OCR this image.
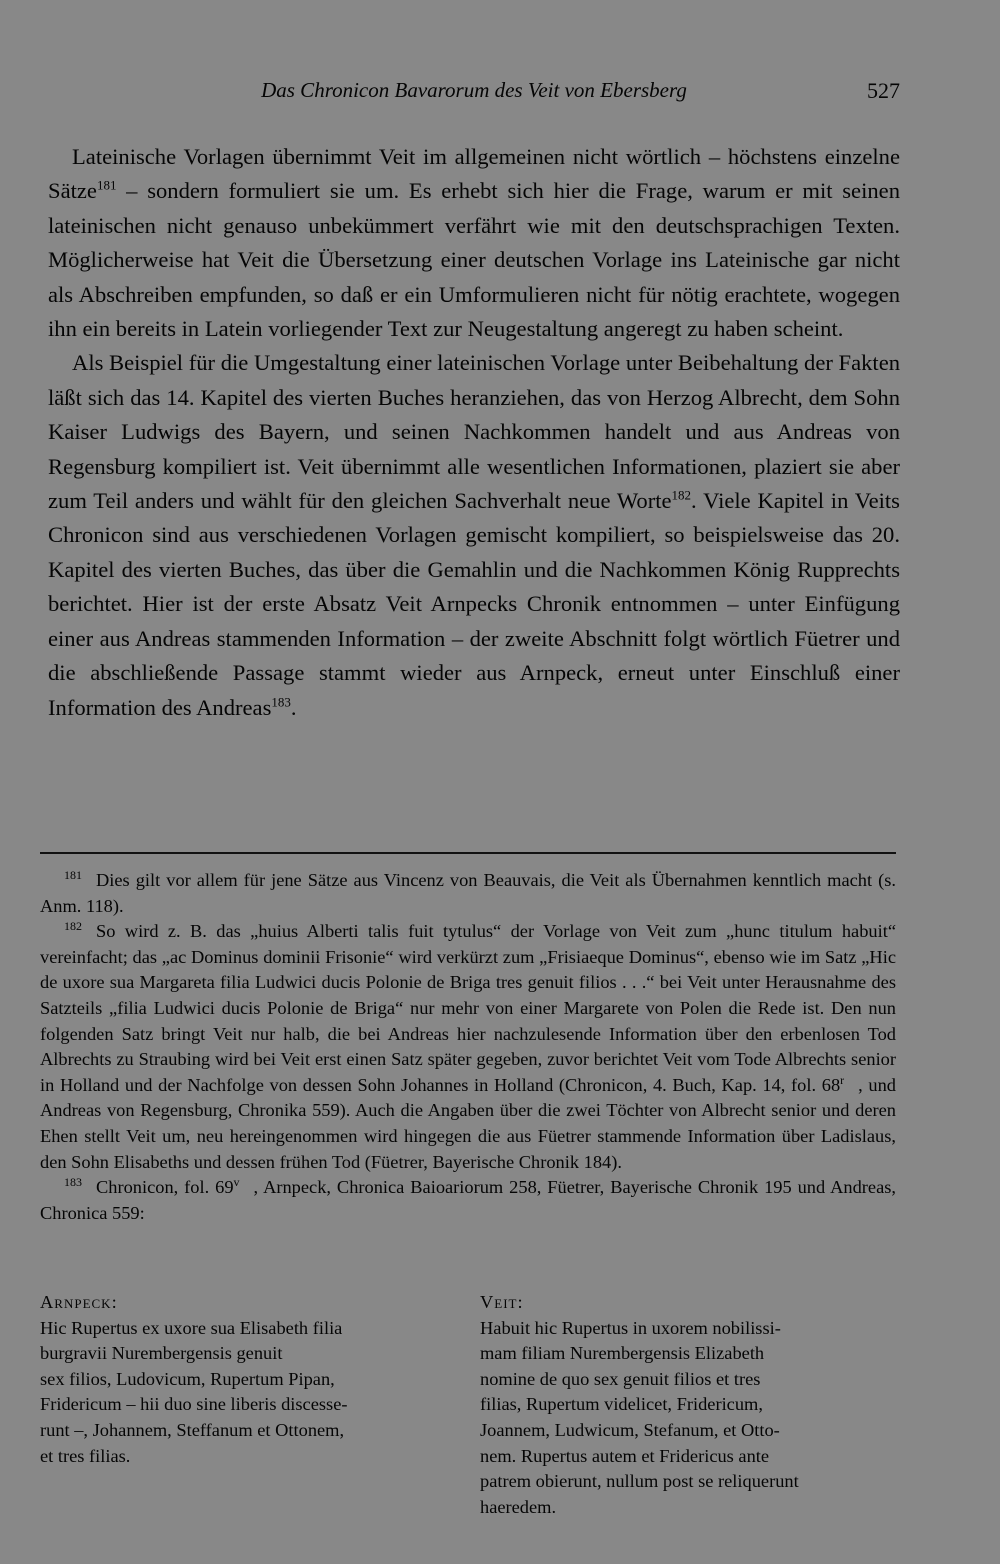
Das Chronicon Bavarorum des Veit von Ebersberg	527

Lateinische Vorlagen übernimmt Veit im allgemeinen nicht wörtlich – höchstens einzelne Sätze$^{181}$ – sondern formuliert sie um. Es erhebt sich hier die Frage, warum er mit seinen lateinischen nicht genauso unbekümmert verfährt wie mit den deutschsprachigen Texten. Möglicherweise hat Veit die Übersetzung einer deutschen Vorlage ins Lateinische gar nicht als Abschreiben empfunden, so daß er ein Umformulieren nicht für nötig erachtete, wogegen ihn ein bereits in Latein vorliegender Text zur Neugestaltung angeregt zu haben scheint.

Als Beispiel für die Umgestaltung einer lateinischen Vorlage unter Beibehaltung der Fakten läßt sich das 14. Kapitel des vierten Buches heranziehen, das von Herzog Albrecht, dem Sohn Kaiser Ludwigs des Bayern, und seinen Nachkommen handelt und aus Andreas von Regensburg kompiliert ist. Veit übernimmt alle wesentlichen Informationen, plaziert sie aber zum Teil anders und wählt für den gleichen Sachverhalt neue Worte$^{182}$. Viele Kapitel in Veits Chronicon sind aus verschiedenen Vorlagen gemischt kompiliert, so beispielsweise das 20. Kapitel des vierten Buches, das über die Gemahlin und die Nachkommen König Rupprechts berichtet. Hier ist der erste Absatz Veit Arnpecks Chronik entnommen – unter Einfügung einer aus Andreas stammenden Information – der zweite Abschnitt folgt wörtlich Füetrer und die abschließende Passage stammt wieder aus Arnpeck, erneut unter Einschluß einer Information des Andreas$^{183}$.

$^{181}$ Dies gilt vor allem für jene Sätze aus Vincenz von Beauvais, die Veit als Übernahmen kenntlich macht (s. Anm. 118).

$^{182}$ So wird z. B. das „huius Alberti talis fuit tytulus“ der Vorlage von Veit zum „hunc titulum habuit“ vereinfacht; das „ac Dominus dominii Frisonie“ wird verkürzt zum „Frisiaeque Dominus“, ebenso wie im Satz „Hic de uxore sua Margareta filia Ludwici ducis Polonie de Briga tres genuit filios . . .“ bei Veit unter Herausnahme des Satzteils „filia Ludwici ducis Polonie de Briga“ nur mehr von einer Margarete von Polen die Rede ist. Den nun folgenden Satz bringt Veit nur halb, die bei Andreas hier nachzulesende Information über den erbenlosen Tod Albrechts zu Straubing wird bei Veit erst einen Satz später gegeben, zuvor berichtet Veit vom Tode Albrechts senior in Holland und der Nachfolge von dessen Sohn Johannes in Holland (Chronicon, 4. Buch, Kap. 14, fol. 68$^r$ , und Andreas von Regensburg, Chronika 559). Auch die Angaben über die zwei Töchter von Albrecht senior und deren Ehen stellt Veit um, neu hereingenommen wird hingegen die aus Füetrer stammende Information über Ladislaus, den Sohn Elisabeths und dessen frühen Tod (Füetrer, Bayerische Chronik 184).

$^{183}$ Chronicon, fol. 69$^v$ , Arnpeck, Chronica Baioariorum 258, Füetrer, Bayerische Chronik 195 und Andreas, Chronica 559:

Arnpeck:
Hic Rupertus ex uxore sua Elisabeth filia
burgravii Nurembergensis genuit
sex filios, Ludovicum, Rupertum Pipan,
Fridericum – hii duo sine liberis discessе-
runt –, Johannem, Steffanum et Ottonem,
et tres filias.
Veit:
Habuit hic Rupertus in uxorem nobilissi-
mam filiam Nurembergensis Elizabeth
nomine de quo sex genuit filios et tres
filias, Rupertum videlicet, Fridericum,
Joannem, Ludwicum, Stefanum, et Otto-
nem. Rupertus autem et Fridericus ante
patrem obierunt, nullum post se reliquerunt
haeredem.
